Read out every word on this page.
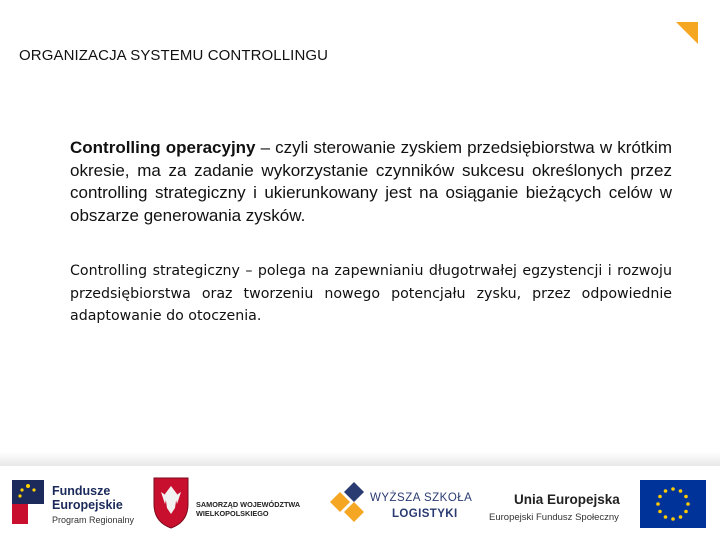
ORGANIZACJA SYSTEMU CONTROLLINGU
Controlling operacyjny – czyli sterowanie zyskiem przedsiębiorstwa w krótkim okresie, ma za zadanie wykorzystanie czynników sukcesu określonych przez controlling strategiczny i ukierunkowany jest na osiąganie bieżących celów w obszarze generowania zysków.
Controlling strategiczny – polega na zapewnianiu długotrwałej egzystencji i rozwoju przedsiębiorstwa oraz tworzeniu nowego potencjału zysku, przez odpowiednie adaptowanie do otoczenia.
Fundusze
Europejskie
Program Regionalny
SAMORZĄD WOJEWÓDZTWA
WIELKOPOLSKIEGO
WYŻSZA SZKOŁA
LOGISTYKI
Unia Europejska
Europejski Fundusz Społeczny
